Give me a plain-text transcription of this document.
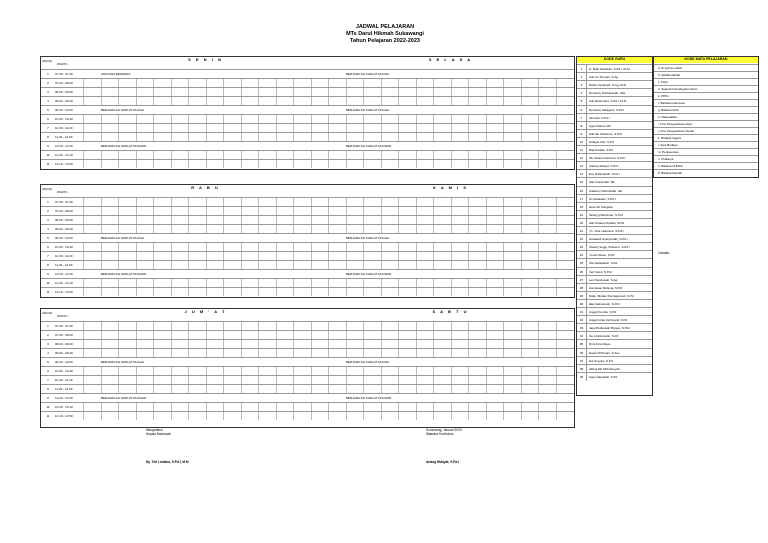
JADWAL PELAJARAN
MTs Darul Hikmah Sukawangi
Tahun Pelajaran 2022-2023
S E N I N	S E L A S A
JAM KE
WAKTU
1	07.00 - 07.40	UPACARA BENDERA	BERJAMA'AH SHOLAT DHUHA
2	07.40 - 08.20
3	08.20 - 09.00
4	09.00 - 09.40
5	09.40 - 10.00	BERJAMA'AH SHOLAT DHUHA	BERJAMA'AH SHOLAT DHUHA
6	10.00 - 10.40
7	10.40 - 11.20
8	11.20 - 12.00
9	12.00 - 12.30	BERJAMA'AH SHOLAT DHUHUR	BERJAMA'AH SHOLAT DHUHUR
10	12.30 - 13.10
11	13.10 - 13.50
R A B U	K A M I S
JAM KE
WAKTU
1	07.00 - 07.40
2	07.40 - 08.20
3	08.20 - 09.00
4	09.00 - 09.40
5	09.40 - 10.00	BERJAMA'AH SHOLAT DHUHA	BERJAMA'AH SHOLAT DHUHA
6	10.00 - 10.40
7	10.40 - 11.20
8	11.20 - 12.00
9	12.00 - 12.30	BERJAMA'AH SHOLAT DHUHUR	BERJAMA'AH SHOLAT DHUHUR
10	12.30 - 13.10
11	13.10 - 13.50
J U M ' A T	S A B T U
JAM KE
WAKTU
1	07.00 - 07.40
2	07.40 - 08.20
3	08.20 - 09.00
4	09.00 - 09.40
5	09.40 - 10.00	BERJAMA'AH SHOLAT DHUHA	BERJAMA'AH SHOLAT DHUHA
6	10.00 - 10.40
7	10.40 - 11.20
8	11.20 - 12.00
9	12.00 - 12.30	BERJAMA'AH SHOLAT DHUHUR	BERJAMA'AH SHOLAT DHUHUR
10	12.30 - 13.10
11	13.10 - 13.50
KODE GURU
1 H. Budi Setiawan, S.Pd.I, M.Si
2 Ade Sri Suryani, S.Ag
3 Rahmi Aprianah, S.Ag, M.Si
4 Nursanty Nurhasanah, Sha
5 Ade Rohimana, S.Pd.I, M.Si
6 Nursanty Hidayanti, S.Pd.I
7 Tarmiah, S.Pd.I
8 Agus Rama, MA
9 Hikmah Sulaiman, S.Pd.I
10 Hidayat Aziz, S.Pd
11 Rita Partida, S.Pd
12 SF, Hisami Gazman, S.Pd.I
13 Ariang Hidayat, S.Pd.I
14 Eny Rahmawati, S.Pd.I
15 Aah Caesrinah, SE
16 Sulaemi Nurhanidah, SE
17 Sri Setiawan, S.Pd.I
18 Dewi Sri Pangsita
19 Taharyg Rachman, S.Pd.I
20 Aah Khaerul Syafiat, M.Pd
21 Y.L. Tele Laduuma, S.Pd.I
22 Himawati Syariyuddin, S.Pd.I
23 Oleeky Seggi, Pratomo, S.Pd.I
24 Yo-Ah-Oleen, S.Pd
25 Ola Setiawasih, S.Pd
26 Yeri Sulmi, S.Pd.I
27 Leni Susilowati, S.Ag
28 Asmawan Rahmat, M.Pd
29 Nitah, Bintian Pembayunari, S.Pd
30 Eka Sukmaresh, S.Pd.I
31 Anggi Permita, S.Pd
32 Anggi Intras Febriyanti, S.Pd
33 Jaya Budiansah Biyaya, S.Pd.I
34 Ibo Ambisinudin, S.Pd
35 Dimi Intra Rayiu
36 Ersan Fithriyani, S.Sos
37 Eni Suryani, S.Pd
38 Alifina Eki Mahnaroyah
39 Agus Saefulloh, S.Pd
KODE MATA PELAJARAN
a. Al Qur'an Hadis
b. Akidah Akhlak
c. Fiqih
d. Sejarah Kebudayaan Islam
e. PPKn
f. Bahasa Indonesia
g. Bahasa Arab
h. Matematika
i. Ilmu Pengetahuan Alam
j. Ilmu Pengetahuan Sosial
k. Bahasa Inggris
l. Seni Budaya
m. Penjasorkes
n. Prakarya
o. Bahasa SUNDA
P. Bahasa Daerah
Catatan:
Mengetahui
Kepala Madrasah
Ny. Teti Lediana, S.Pd.I, M.M
Sumedang, Januari 2023
Wakakur Kurikulum
Ariang Hidayat, S.Pd.I
